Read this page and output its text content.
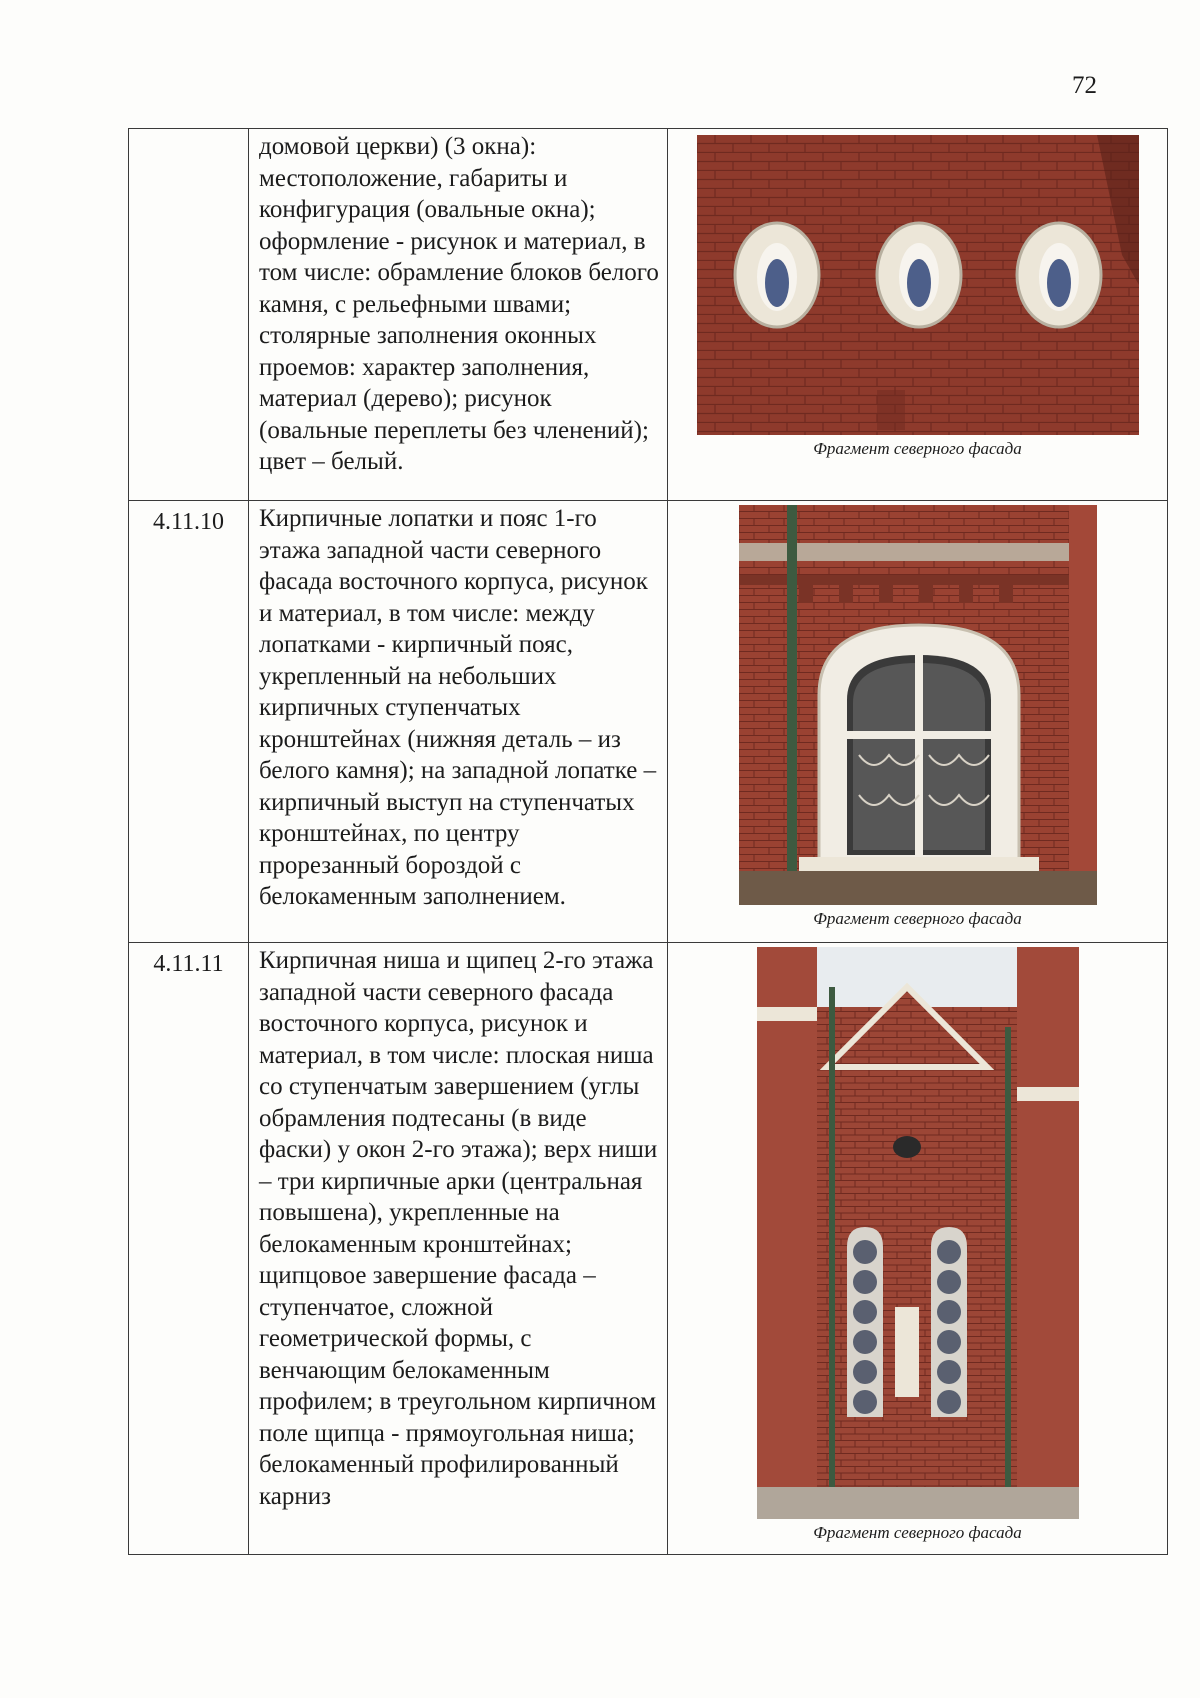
72
	домовой церкви) (3 окна): местоположение, габариты и конфигурация (овальные окна); оформление - рисунок и материал, в том числе: обрамление блоков белого камня, с рельефными швами; столярные заполнения оконных проемов: характер заполнения, материал (дерево); рисунок (овальные переплеты без членений); цвет – белый.	Фрагмент северного фасада

4.11.10	Кирпичные лопатки и пояс 1-го этажа западной части северного фасада восточного корпуса, рисунок и материал, в том числе: между лопатками - кирпичный пояс, укрепленный на небольших кирпичных ступенчатых кронштейнах (нижняя деталь – из белого камня); на западной лопатке – кирпичный выступ на ступенчатых кронштейнах, по центру прорезанный бороздой с белокаменным заполнением.	Фрагмент северного фасада

4.11.11	Кирпичная ниша и щипец 2-го этажа западной части северного фасада восточного корпуса, рисунок и материал, в том числе: плоская ниша со ступенчатым завершением (углы обрамления подтесаны (в виде фаски) у окон 2-го этажа); верх ниши – три кирпичные арки (центральная повышена), укрепленные на белокаменным кронштейнах; щипцовое завершение фасада – ступенчатое, сложной геометрической формы, с венчающим белокаменным профилем; в треугольном кирпичном поле щипца - прямоугольная ниша; белокаменный профилированный карниз	Фрагмент северного фасада
